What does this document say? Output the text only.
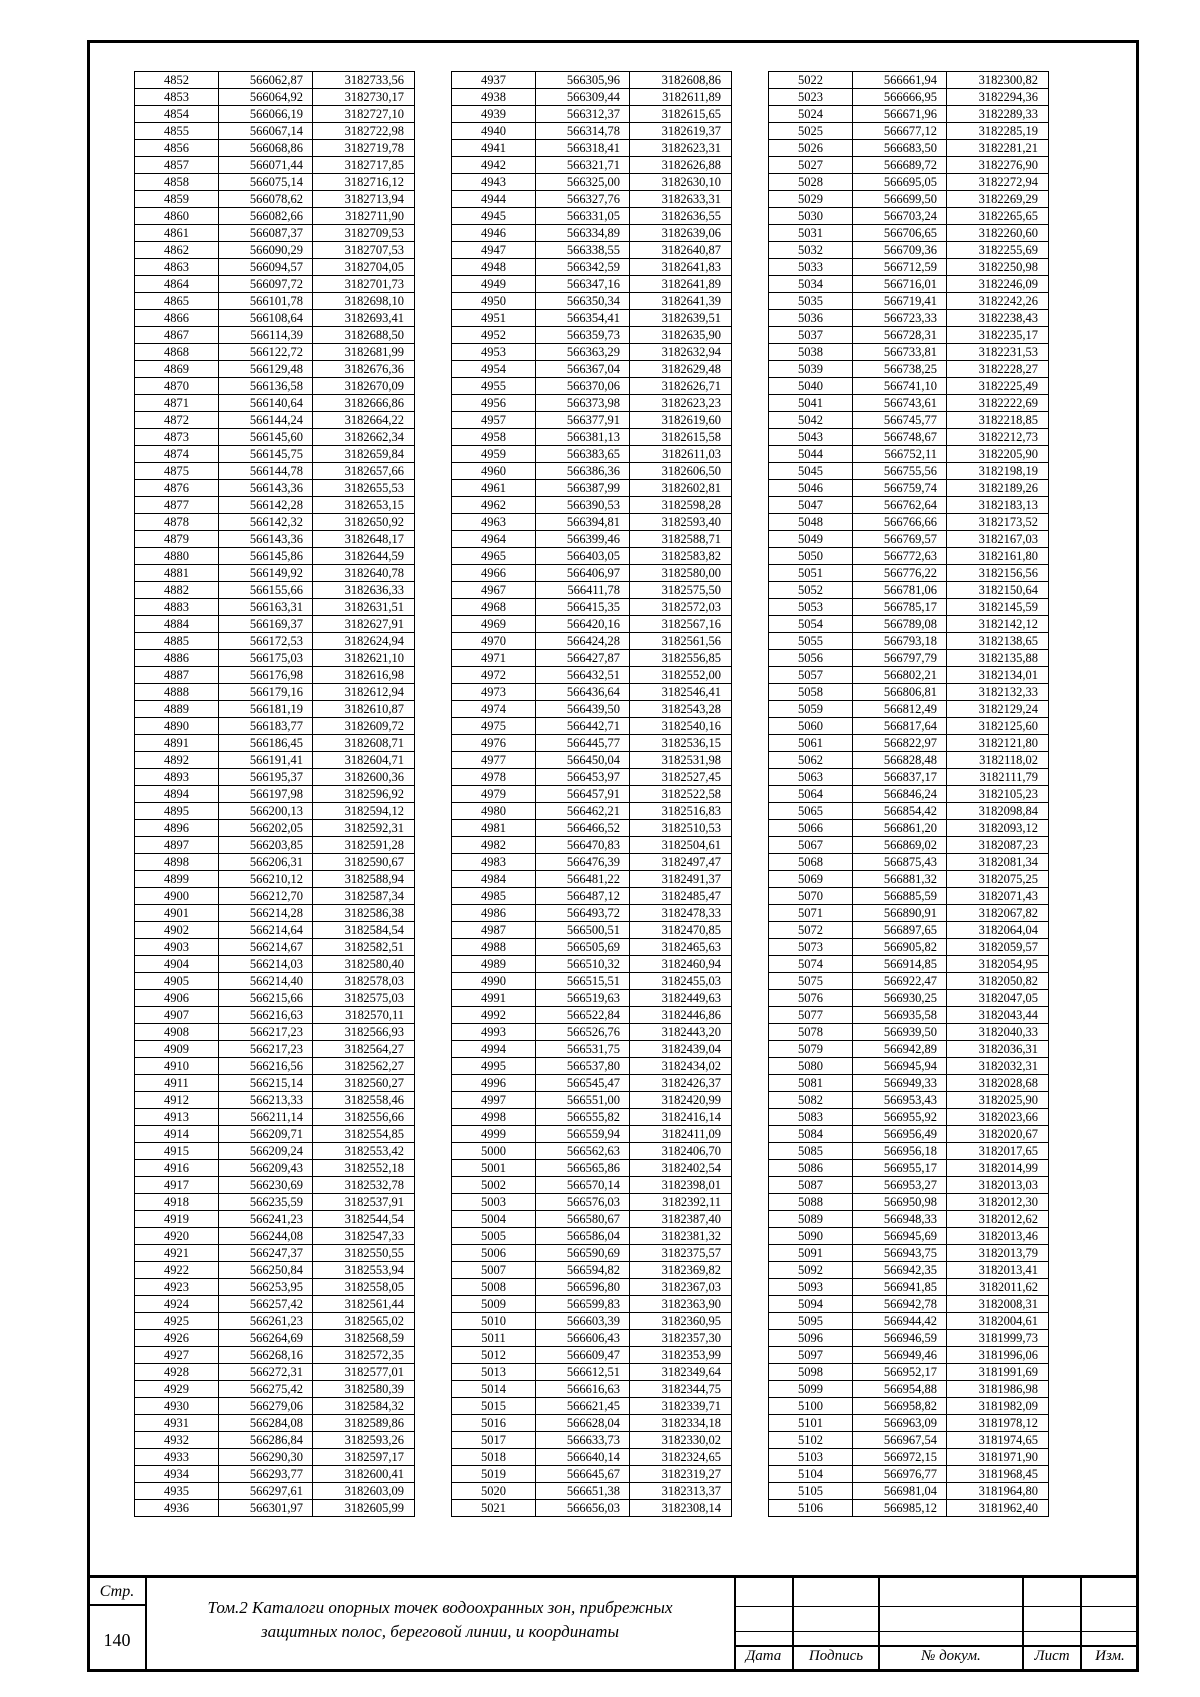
4852	566062,87	3182733,56
4853	566064,92	3182730,17
4854	566066,19	3182727,10
4855	566067,14	3182722,98
4856	566068,86	3182719,78
4857	566071,44	3182717,85
4858	566075,14	3182716,12
4859	566078,62	3182713,94
4860	566082,66	3182711,90
4861	566087,37	3182709,53
4862	566090,29	3182707,53
4863	566094,57	3182704,05
4864	566097,72	3182701,73
4865	566101,78	3182698,10
4866	566108,64	3182693,41
4867	566114,39	3182688,50
4868	566122,72	3182681,99
4869	566129,48	3182676,36
4870	566136,58	3182670,09
4871	566140,64	3182666,86
4872	566144,24	3182664,22
4873	566145,60	3182662,34
4874	566145,75	3182659,84
4875	566144,78	3182657,66
4876	566143,36	3182655,53
4877	566142,28	3182653,15
4878	566142,32	3182650,92
4879	566143,36	3182648,17
4880	566145,86	3182644,59
4881	566149,92	3182640,78
4882	566155,66	3182636,33
4883	566163,31	3182631,51
4884	566169,37	3182627,91
4885	566172,53	3182624,94
4886	566175,03	3182621,10
4887	566176,98	3182616,98
4888	566179,16	3182612,94
4889	566181,19	3182610,87
4890	566183,77	3182609,72
4891	566186,45	3182608,71
4892	566191,41	3182604,71
4893	566195,37	3182600,36
4894	566197,98	3182596,92
4895	566200,13	3182594,12
4896	566202,05	3182592,31
4897	566203,85	3182591,28
4898	566206,31	3182590,67
4899	566210,12	3182588,94
4900	566212,70	3182587,34
4901	566214,28	3182586,38
4902	566214,64	3182584,54
4903	566214,67	3182582,51
4904	566214,03	3182580,40
4905	566214,40	3182578,03
4906	566215,66	3182575,03
4907	566216,63	3182570,11
4908	566217,23	3182566,93
4909	566217,23	3182564,27
4910	566216,56	3182562,27
4911	566215,14	3182560,27
4912	566213,33	3182558,46
4913	566211,14	3182556,66
4914	566209,71	3182554,85
4915	566209,24	3182553,42
4916	566209,43	3182552,18
4917	566230,69	3182532,78
4918	566235,59	3182537,91
4919	566241,23	3182544,54
4920	566244,08	3182547,33
4921	566247,37	3182550,55
4922	566250,84	3182553,94
4923	566253,95	3182558,05
4924	566257,42	3182561,44
4925	566261,23	3182565,02
4926	566264,69	3182568,59
4927	566268,16	3182572,35
4928	566272,31	3182577,01
4929	566275,42	3182580,39
4930	566279,06	3182584,32
4931	566284,08	3182589,86
4932	566286,84	3182593,26
4933	566290,30	3182597,17
4934	566293,77	3182600,41
4935	566297,61	3182603,09
4936	566301,97	3182605,99
4937	566305,96	3182608,86
4938	566309,44	3182611,89
4939	566312,37	3182615,65
4940	566314,78	3182619,37
4941	566318,41	3182623,31
4942	566321,71	3182626,88
4943	566325,00	3182630,10
4944	566327,76	3182633,31
4945	566331,05	3182636,55
4946	566334,89	3182639,06
4947	566338,55	3182640,87
4948	566342,59	3182641,83
4949	566347,16	3182641,89
4950	566350,34	3182641,39
4951	566354,41	3182639,51
4952	566359,73	3182635,90
4953	566363,29	3182632,94
4954	566367,04	3182629,48
4955	566370,06	3182626,71
4956	566373,98	3182623,23
4957	566377,91	3182619,60
4958	566381,13	3182615,58
4959	566383,65	3182611,03
4960	566386,36	3182606,50
4961	566387,99	3182602,81
4962	566390,53	3182598,28
4963	566394,81	3182593,40
4964	566399,46	3182588,71
4965	566403,05	3182583,82
4966	566406,97	3182580,00
4967	566411,78	3182575,50
4968	566415,35	3182572,03
4969	566420,16	3182567,16
4970	566424,28	3182561,56
4971	566427,87	3182556,85
4972	566432,51	3182552,00
4973	566436,64	3182546,41
4974	566439,50	3182543,28
4975	566442,71	3182540,16
4976	566445,77	3182536,15
4977	566450,04	3182531,98
4978	566453,97	3182527,45
4979	566457,91	3182522,58
4980	566462,21	3182516,83
4981	566466,52	3182510,53
4982	566470,83	3182504,61
4983	566476,39	3182497,47
4984	566481,22	3182491,37
4985	566487,12	3182485,47
4986	566493,72	3182478,33
4987	566500,51	3182470,85
4988	566505,69	3182465,63
4989	566510,32	3182460,94
4990	566515,51	3182455,03
4991	566519,63	3182449,63
4992	566522,84	3182446,86
4993	566526,76	3182443,20
4994	566531,75	3182439,04
4995	566537,80	3182434,02
4996	566545,47	3182426,37
4997	566551,00	3182420,99
4998	566555,82	3182416,14
4999	566559,94	3182411,09
5000	566562,63	3182406,70
5001	566565,86	3182402,54
5002	566570,14	3182398,01
5003	566576,03	3182392,11
5004	566580,67	3182387,40
5005	566586,04	3182381,32
5006	566590,69	3182375,57
5007	566594,82	3182369,82
5008	566596,80	3182367,03
5009	566599,83	3182363,90
5010	566603,39	3182360,95
5011	566606,43	3182357,30
5012	566609,47	3182353,99
5013	566612,51	3182349,64
5014	566616,63	3182344,75
5015	566621,45	3182339,71
5016	566628,04	3182334,18
5017	566633,73	3182330,02
5018	566640,14	3182324,65
5019	566645,67	3182319,27
5020	566651,38	3182313,37
5021	566656,03	3182308,14
5022	566661,94	3182300,82
5023	566666,95	3182294,36
5024	566671,96	3182289,33
5025	566677,12	3182285,19
5026	566683,50	3182281,21
5027	566689,72	3182276,90
5028	566695,05	3182272,94
5029	566699,50	3182269,29
5030	566703,24	3182265,65
5031	566706,65	3182260,60
5032	566709,36	3182255,69
5033	566712,59	3182250,98
5034	566716,01	3182246,09
5035	566719,41	3182242,26
5036	566723,33	3182238,43
5037	566728,31	3182235,17
5038	566733,81	3182231,53
5039	566738,25	3182228,27
5040	566741,10	3182225,49
5041	566743,61	3182222,69
5042	566745,77	3182218,85
5043	566748,67	3182212,73
5044	566752,11	3182205,90
5045	566755,56	3182198,19
5046	566759,74	3182189,26
5047	566762,64	3182183,13
5048	566766,66	3182173,52
5049	566769,57	3182167,03
5050	566772,63	3182161,80
5051	566776,22	3182156,56
5052	566781,06	3182150,64
5053	566785,17	3182145,59
5054	566789,08	3182142,12
5055	566793,18	3182138,65
5056	566797,79	3182135,88
5057	566802,21	3182134,01
5058	566806,81	3182132,33
5059	566812,49	3182129,24
5060	566817,64	3182125,60
5061	566822,97	3182121,80
5062	566828,48	3182118,02
5063	566837,17	3182111,79
5064	566846,24	3182105,23
5065	566854,42	3182098,84
5066	566861,20	3182093,12
5067	566869,02	3182087,23
5068	566875,43	3182081,34
5069	566881,32	3182075,25
5070	566885,59	3182071,43
5071	566890,91	3182067,82
5072	566897,65	3182064,04
5073	566905,82	3182059,57
5074	566914,85	3182054,95
5075	566922,47	3182050,82
5076	566930,25	3182047,05
5077	566935,58	3182043,44
5078	566939,50	3182040,33
5079	566942,89	3182036,31
5080	566945,94	3182032,31
5081	566949,33	3182028,68
5082	566953,43	3182025,90
5083	566955,92	3182023,66
5084	566956,49	3182020,67
5085	566956,18	3182017,65
5086	566955,17	3182014,99
5087	566953,27	3182013,03
5088	566950,98	3182012,30
5089	566948,33	3182012,62
5090	566945,69	3182013,46
5091	566943,75	3182013,79
5092	566942,35	3182013,41
5093	566941,85	3182011,62
5094	566942,78	3182008,31
5095	566944,42	3182004,61
5096	566946,59	3181999,73
5097	566949,46	3181996,06
5098	566952,17	3181991,69
5099	566954,88	3181986,98
5100	566958,82	3181982,09
5101	566963,09	3181978,12
5102	566967,54	3181974,65
5103	566972,15	3181971,90
5104	566976,77	3181968,45
5105	566981,04	3181964,80
5106	566985,12	3181962,40
Стр.
140
Том.2 Каталоги опорных точек водоохранных зон, прибрежных
защитных полос, береговой линии, и координаты
Дата	Подпись	№ докум.	Лист	Изм.
